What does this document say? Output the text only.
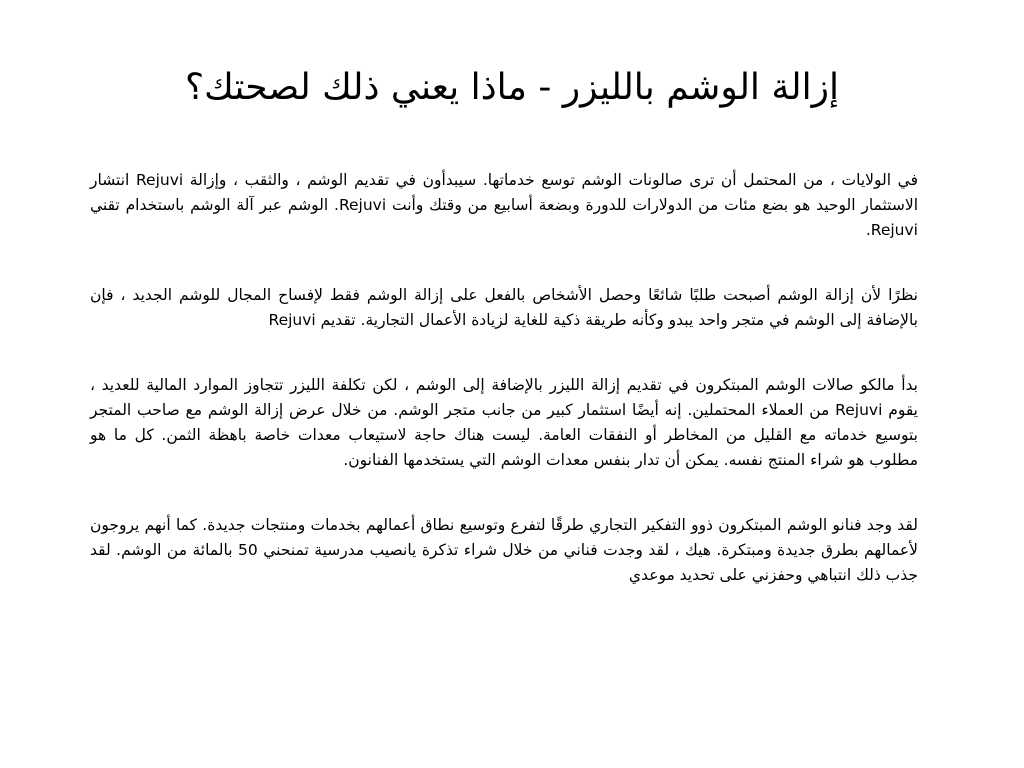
إزالة الوشم بالليزر - ماذا يعني ذلك لصحتك؟

في الولايات ، من المحتمل أن ترى صالونات الوشم توسع خدماتها. سيبدأون في تقديم الوشم ، والثقب ، وإزالة Rejuvi انتشار الاستثمار الوحيد هو بضع مئات من الدولارات للدورة وبضعة أسابيع من وقتك وأنت Rejuvi. الوشم عبر آلة الوشم باستخدام تقني Rejuvi.

نظرًا لأن إزالة الوشم أصبحت طلبًا شائعًا وحصل الأشخاص بالفعل على إزالة الوشم فقط لإفساح المجال للوشم الجديد ، فإن بالإضافة إلى الوشم في متجر واحد يبدو وكأنه طريقة ذكية للغاية لزيادة الأعمال التجارية. تقديم Rejuvi

بدأ مالكو صالات الوشم المبتكرون في تقديم إزالة الليزر بالإضافة إلى الوشم ، لكن تكلفة الليزر تتجاوز الموارد المالية للعديد ، يقوم Rejuvi من العملاء المحتملين. إنه أيضًا استثمار كبير من جانب متجر الوشم. من خلال عرض إزالة الوشم مع صاحب المتجر بتوسيع خدماته مع القليل من المخاطر أو النفقات العامة. ليست هناك حاجة لاستيعاب معدات خاصة باهظة الثمن. كل ما هو مطلوب هو شراء المنتج نفسه. يمكن أن تدار بنفس معدات الوشم التي يستخدمها الفنانون.

لقد وجد فنانو الوشم المبتكرون ذوو التفكير التجاري طرقًا لتفرع وتوسيع نطاق أعمالهم بخدمات ومنتجات جديدة. كما أنهم يروجون لأعمالهم بطرق جديدة ومبتكرة. هيك ، لقد وجدت فناني من خلال شراء تذكرة يانصيب مدرسية تمنحني 50 بالمائة من الوشم. لقد جذب ذلك انتباهي وحفزني على تحديد موعدي
